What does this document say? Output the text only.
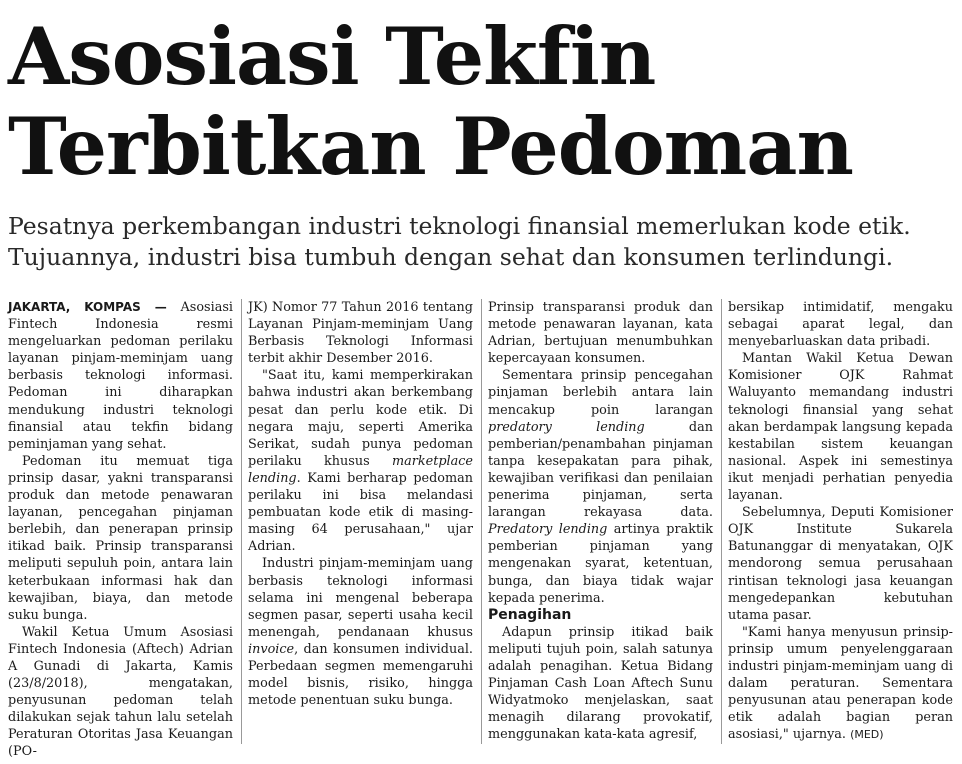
Asosiasi Tekfin
Terbitkan Pedoman

Pesatnya perkembangan industri teknologi finansial memerlukan kode etik.
Tujuannya, industri bisa tumbuh dengan sehat dan konsumen terlindungi.

JAKARTA, KOMPAS — Asosiasi Fintech Indonesia resmi mengeluarkan pedoman perilaku layanan pinjam-meminjam uang berbasis teknologi informasi. Pedoman ini diharapkan mendukung industri teknologi finansial atau tekfin bidang peminjaman yang sehat.

Pedoman itu memuat tiga prinsip dasar, yakni transparansi produk dan metode penawaran layanan, pencegahan pinjaman berlebih, dan penerapan prinsip itikad baik. Prinsip transparansi meliputi sepuluh poin, antara lain keterbukaan informasi hak dan kewajiban, biaya, dan metode suku bunga.

Wakil Ketua Umum Asosiasi Fintech Indonesia (Aftech) Adrian A Gunadi di Jakarta, Kamis (23/8/2018), mengatakan, penyusunan pedoman telah dilakukan sejak tahun lalu setelah Peraturan Otoritas Jasa Keuangan (PO-

JK) Nomor 77 Tahun 2016 tentang Layanan Pinjam-meminjam Uang Berbasis Teknologi Informasi terbit akhir Desember 2016.

"Saat itu, kami memperkirakan bahwa industri akan berkembang pesat dan perlu kode etik. Di negara maju, seperti Amerika Serikat, sudah punya pedoman perilaku khusus marketplace lending. Kami berharap pedoman perilaku ini bisa melandasi pembuatan kode etik di masing-masing 64 perusahaan," ujar Adrian.

Industri pinjam-meminjam uang berbasis teknologi informasi selama ini mengenal beberapa segmen pasar, seperti usaha kecil menengah, pendanaan khusus invoice, dan konsumen individual. Perbedaan segmen memengaruhi model bisnis, risiko, hingga metode penentuan suku bunga.

Prinsip transparansi produk dan metode penawaran layanan, kata Adrian, bertujuan menumbuhkan kepercayaan konsumen.

Sementara prinsip pencegahan pinjaman berlebih antara lain mencakup poin larangan predatory lending dan pemberian/penambahan pinjaman tanpa kesepakatan para pihak, kewajiban verifikasi dan penilaian penerima pinjaman, serta larangan rekayasa data. Predatory lending artinya praktik pemberian pinjaman yang mengenakan syarat, ketentuan, bunga, dan biaya tidak wajar kepada penerima.

Penagihan

Adapun prinsip itikad baik meliputi tujuh poin, salah satunya adalah penagihan. Ketua Bidang Pinjaman Cash Loan Aftech Sunu Widyatmoko menjelaskan, saat menagih dilarang provokatif, menggunakan kata-kata agresif,

bersikap intimidatif, mengaku sebagai aparat legal, dan menyebarluaskan data pribadi.

Mantan Wakil Ketua Dewan Komisioner OJK Rahmat Waluyanto memandang industri teknologi finansial yang sehat akan berdampak langsung kepada kestabilan sistem keuangan nasional. Aspek ini semestinya ikut menjadi perhatian penyedia layanan.

Sebelumnya, Deputi Komisioner OJK Institute Sukarela Batunanggar di menyatakan, OJK mendorong semua perusahaan rintisan teknologi jasa keuangan mengedepankan kebutuhan utama pasar.

"Kami hanya menyusun prinsip-prinsip umum penyelenggaraan industri pinjam-meminjam uang di dalam peraturan. Sementara penyusunan atau penerapan kode etik adalah bagian peran asosiasi," ujarnya. (MED)
